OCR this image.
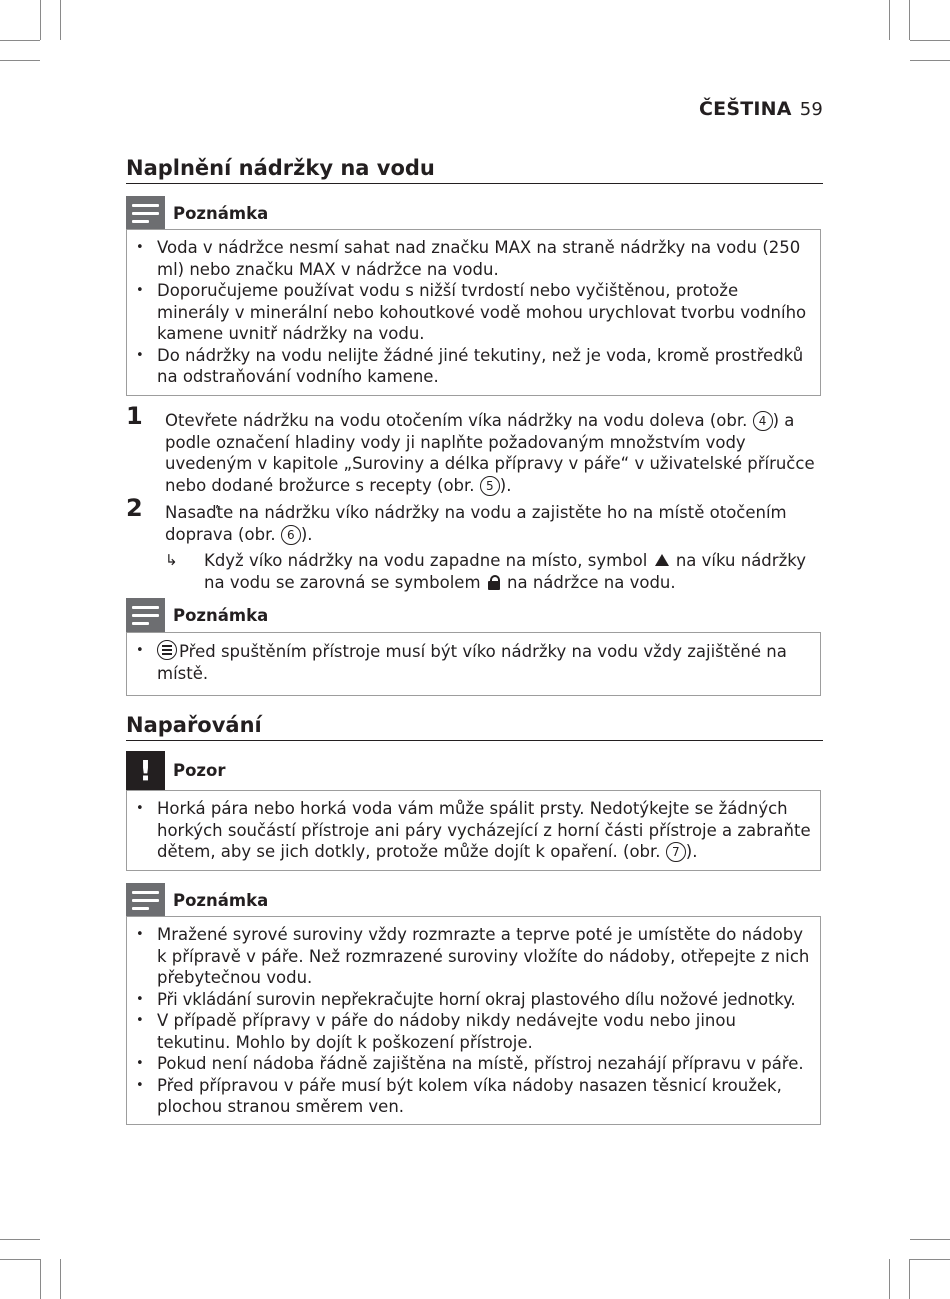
ČEŠTINA 59
Naplnění nádržky na vodu
Poznámka
• Voda v nádržce nesmí sahat nad značku MAX na straně nádržky na vodu (250 ml) nebo značku MAX v nádržce na vodu.
• Doporučujeme používat vodu s nižší tvrdostí nebo vyčištěnou, protože minerály v minerální nebo kohoutkové vodě mohou urychlovat tvorbu vodního kamene uvnitř nádržky na vodu.
• Do nádržky na vodu nelijte žádné jiné tekutiny, než je voda, kromě prostředků na odstraňování vodního kamene.
1 Otevřete nádržku na vodu otočením víka nádržky na vodu doleva (obr. 4 ) a podle označení hladiny vody ji naplňte požadovaným množstvím vody uvedeným v kapitole „Suroviny a délka přípravy v páře“ v uživatelské příručce nebo dodané brožurce s recepty (obr. 5 ).
2 Nasaďte na nádržku víko nádržky na vodu a zajistěte ho na místě otočením doprava (obr. 6 ).
↳ Když víko nádržky na vodu zapadne na místo, symbol na víku nádržky na vodu se zarovná se symbolem na nádržce na vodu.
Poznámka
• Před spuštěním přístroje musí být víko nádržky na vodu vždy zajištěné na místě.
Napařování
!	Pozor
• Horká pára nebo horká voda vám může spálit prsty. Nedotýkejte se žádných horkých součástí přístroje ani páry vycházející z horní části přístroje a zabraňte dětem, aby se jich dotkly, protože může dojít k opaření. (obr. 7 ).
Poznámka
• Mražené syrové suroviny vždy rozmrazte a teprve poté je umístěte do nádoby k přípravě v páře. Než rozmrazené suroviny vložíte do nádoby, otřepejte z nich přebytečnou vodu.
• Při vkládání surovin nepřekračujte horní okraj plastového dílu nožové jednotky.
• V případě přípravy v páře do nádoby nikdy nedávejte vodu nebo jinou tekutinu. Mohlo by dojít k poškození přístroje.
• Pokud není nádoba řádně zajištěna na místě, přístroj nezahájí přípravu v páře.
• Před přípravou v páře musí být kolem víka nádoby nasazen těsnicí kroužek, plochou stranou směrem ven.
